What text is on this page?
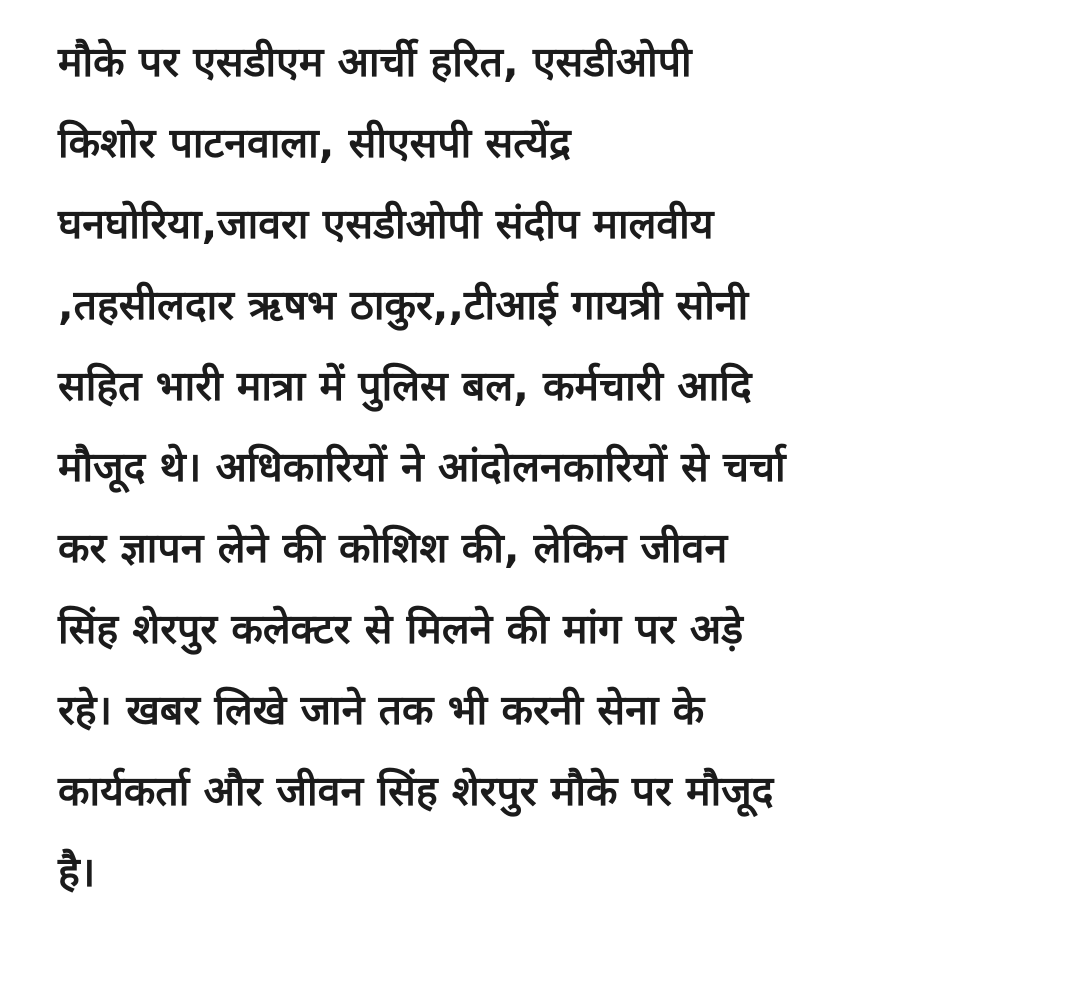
मौके पर एसडीएम आर्ची हरित, एसडीओपी
किशोर पाटनवाला, सीएसपी सत्येंद्र
घनघोरिया,जावरा एसडीओपी संदीप मालवीय
,तहसीलदार ऋषभ ठाकुर,,टीआई गायत्री सोनी
सहित भारी मात्रा में पुलिस बल, कर्मचारी आदि
मौजूद थे। अधिकारियों ने आंदोलनकारियों से चर्चा
कर ज्ञापन लेने की कोशिश की, लेकिन जीवन
सिंह शेरपुर कलेक्टर से मिलने की मांग पर अड़े
रहे। खबर लिखे जाने तक भी करनी सेना के
कार्यकर्ता और जीवन सिंह शेरपुर मौके पर मौजूद
है।
